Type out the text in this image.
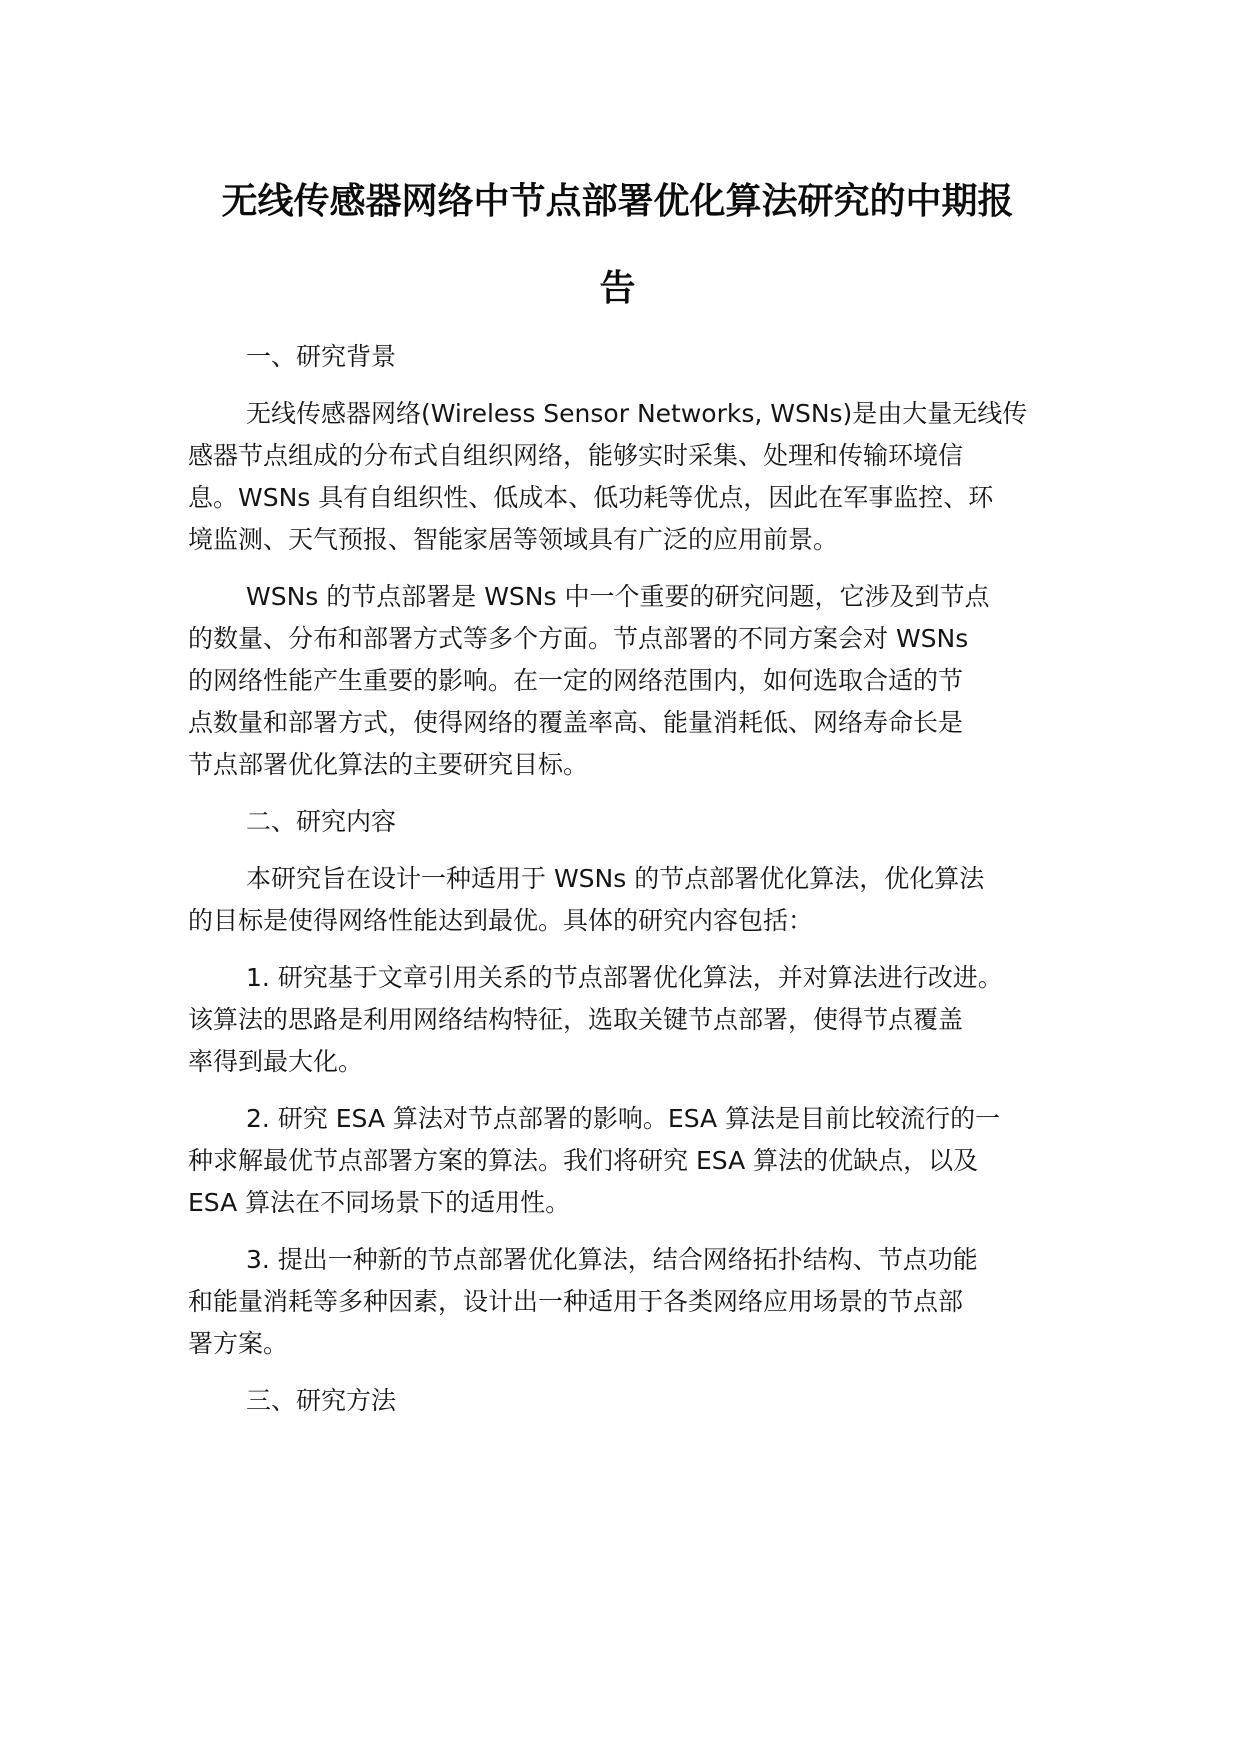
无线传感器网络中节点部署优化算法研究的中期报
告
一、研究背景
无线传感器网络(Wireless Sensor Networks, WSNs)是由大量无线传
感器节点组成的分布式自组织网络，能够实时采集、处理和传输环境信
息。WSNs 具有自组织性、低成本、低功耗等优点，因此在军事监控、环
境监测、天气预报、智能家居等领域具有广泛的应用前景。
WSNs 的节点部署是 WSNs 中一个重要的研究问题，它涉及到节点
的数量、分布和部署方式等多个方面。节点部署的不同方案会对 WSNs
的网络性能产生重要的影响。在一定的网络范围内，如何选取合适的节
点数量和部署方式，使得网络的覆盖率高、能量消耗低、网络寿命长是
节点部署优化算法的主要研究目标。
二、研究内容
本研究旨在设计一种适用于 WSNs 的节点部署优化算法，优化算法
的目标是使得网络性能达到最优。具体的研究内容包括：
1. 研究基于文章引用关系的节点部署优化算法，并对算法进行改进。
该算法的思路是利用网络结构特征，选取关键节点部署，使得节点覆盖
率得到最大化。
2. 研究 ESA 算法对节点部署的影响。ESA 算法是目前比较流行的一
种求解最优节点部署方案的算法。我们将研究 ESA 算法的优缺点，以及
ESA 算法在不同场景下的适用性。
3. 提出一种新的节点部署优化算法，结合网络拓扑结构、节点功能
和能量消耗等多种因素，设计出一种适用于各类网络应用场景的节点部
署方案。
三、研究方法
